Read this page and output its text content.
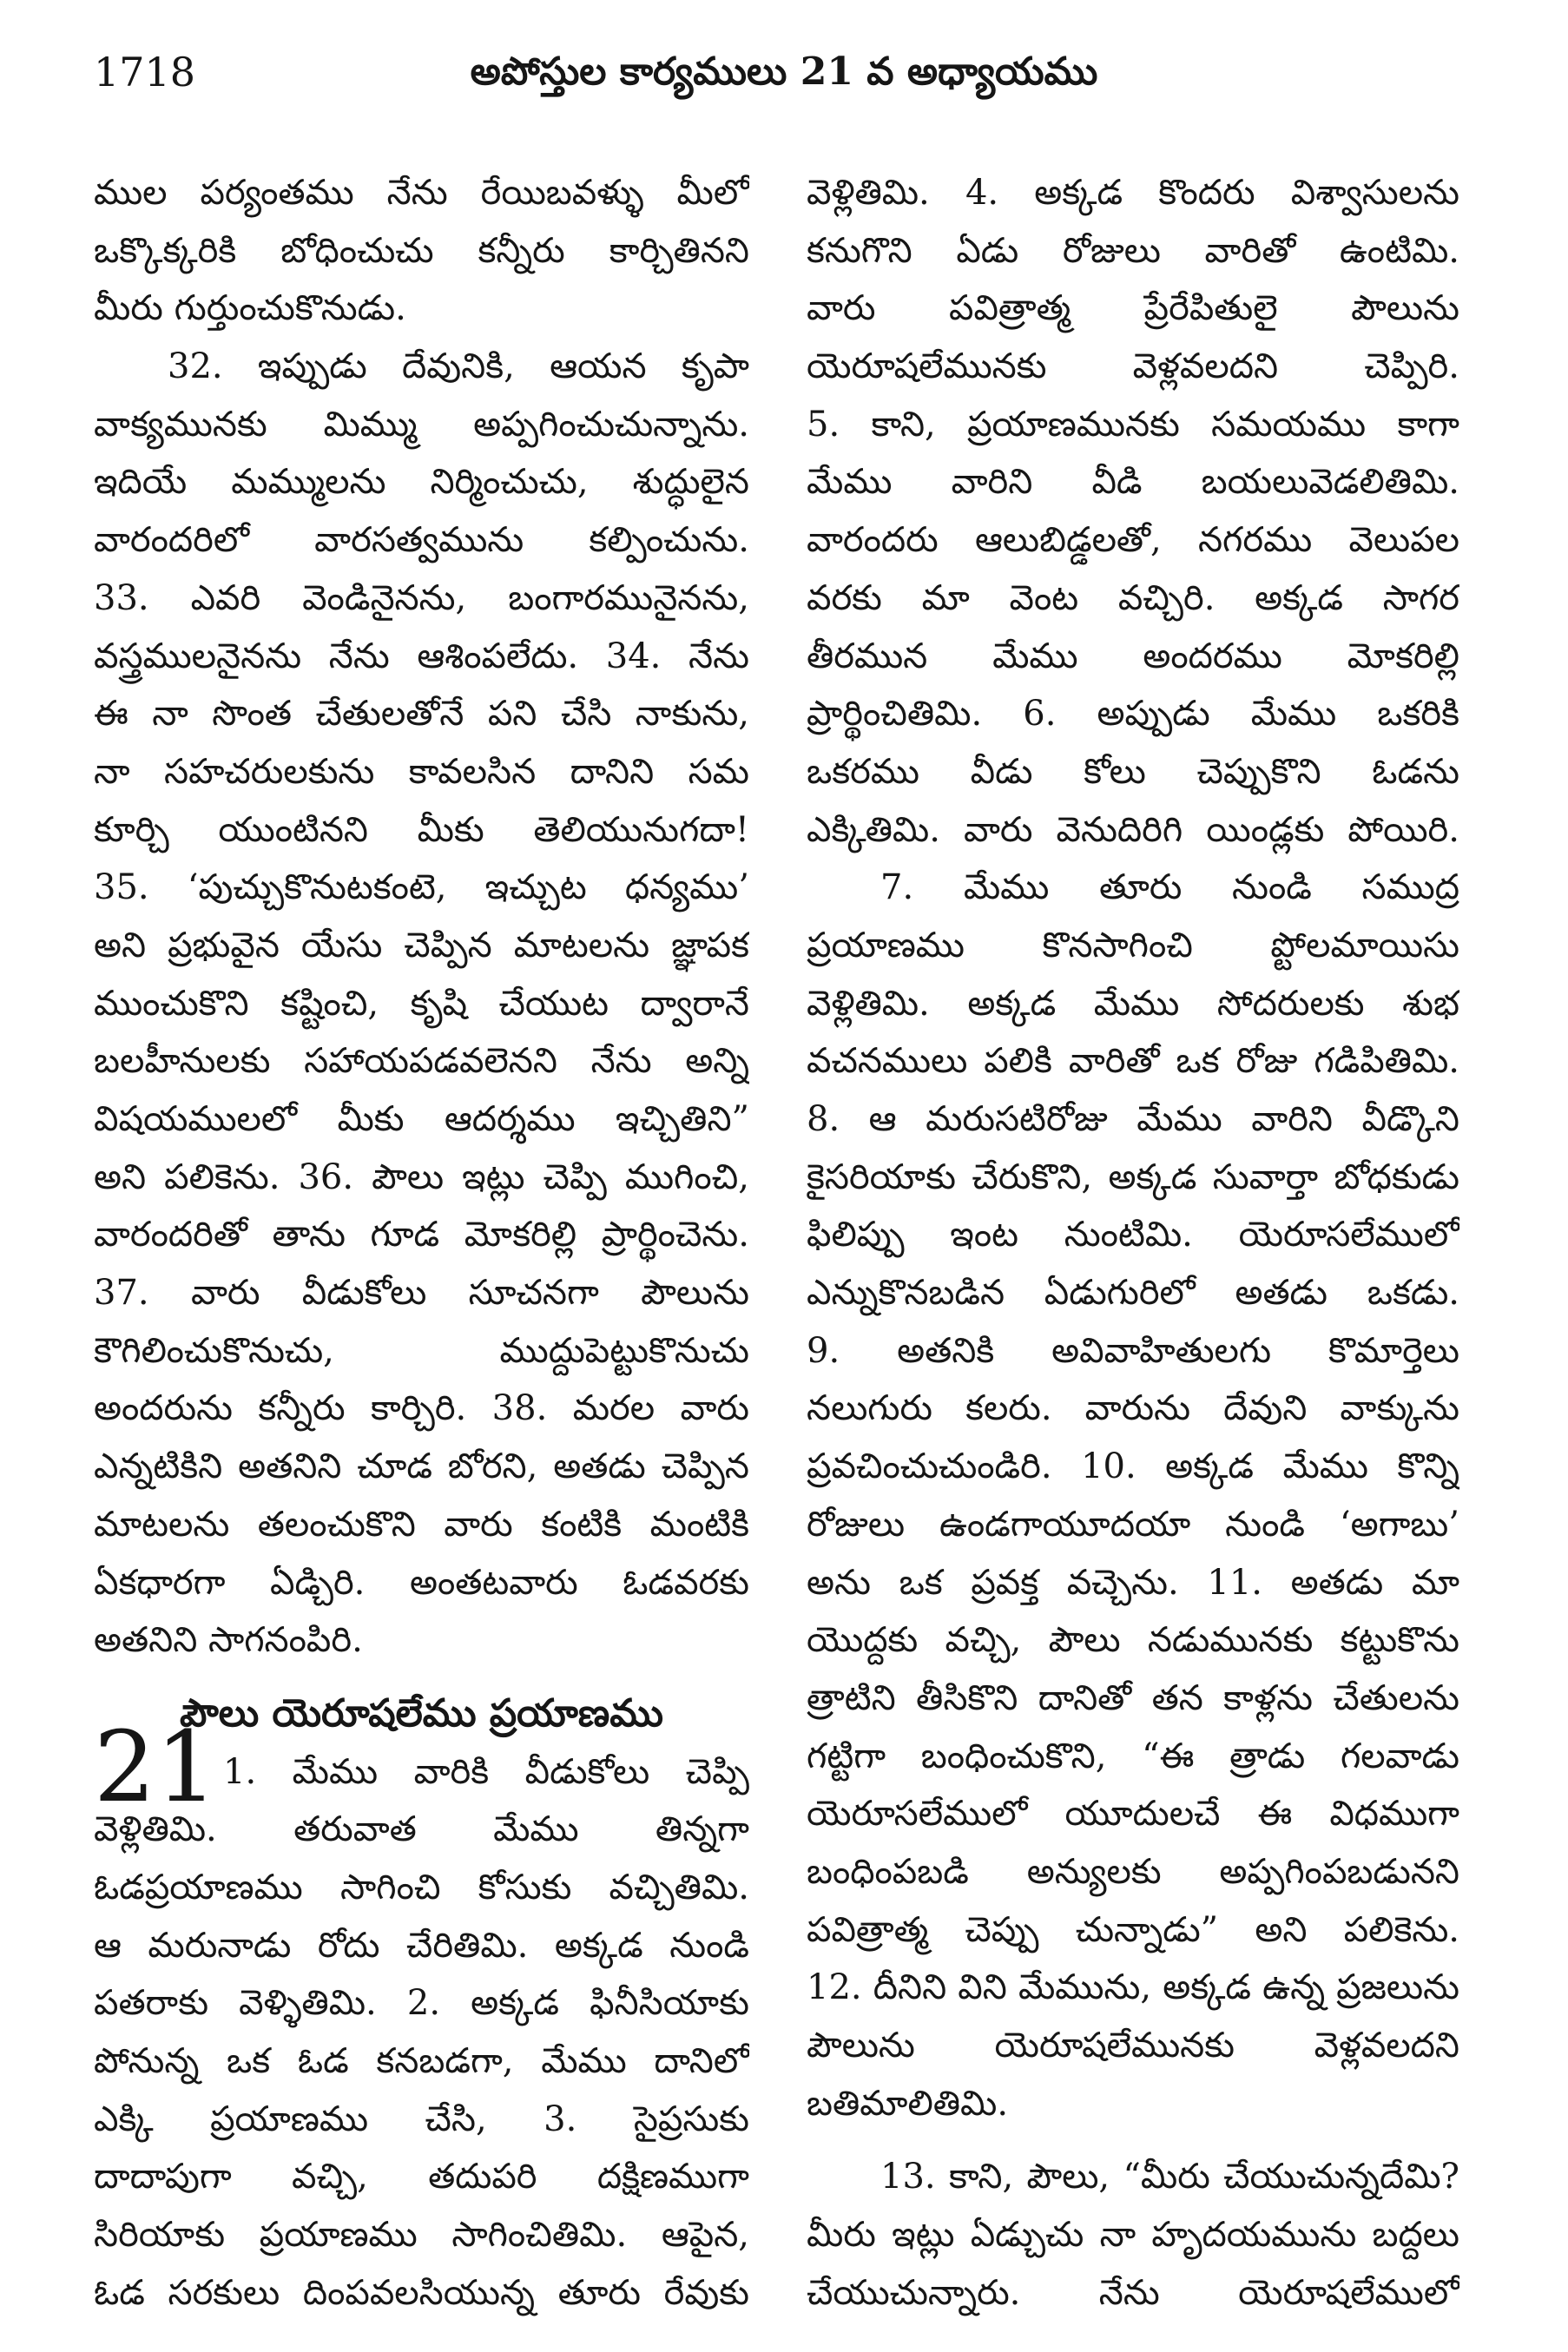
1718	అపోస్తుల కార్యములు 21 వ అధ్యాయము
ముల పర్యంతము నేను రేయిబవళ్ళు మీలో
ఒక్కొక్కరికి బోధించుచు కన్నీరు కార్చితినని
మీరు గుర్తుంచుకొనుడు.
32. ఇప్పుడు దేవునికి, ఆయన కృపా
వాక్యమునకు మిమ్ము అప్పగించుచున్నాను.
ఇదియే మమ్ములను నిర్మించుచు, శుద్ధులైన
వారందరిలో వారసత్వమును కల్పించును.
33. ఎవరి వెండినైనను, బంగారమునైనను,
వస్త్రములనైనను నేను ఆశింపలేదు. 34. నేను
ఈ నా సొంత చేతులతోనే పని చేసి నాకును,
నా సహచరులకును కావలసిన దానిని సమ
కూర్చి యుంటినని మీకు తెలియునుగదా!
35. ‘పుచ్చుకొనుటకంటె, ఇచ్చుట ధన్యము’
అని ప్రభువైన యేసు చెప్పిన మాటలను జ్ఞాపక
ముంచుకొని కష్టించి, కృషి చేయుట ద్వారానే
బలహీనులకు సహాయపడవలెనని నేను అన్ని
విషయములలో మీకు ఆదర్శము ఇచ్చితిని”
అని పలికెను. 36. పౌలు ఇట్లు చెప్పి ముగించి,
వారందరితో తాను గూడ మోకరిల్లి ప్రార్థించెను.
37. వారు వీడుకోలు సూచనగా పౌలును
కౌగిలించుకొనుచు, ముద్దుపెట్టుకొనుచు
అందరును కన్నీరు కార్చిరి. 38. మరల వారు
ఎన్నటికిని అతనిని చూడ బోరని, అతడు చెప్పిన
మాటలను తలంచుకొని వారు కంటికి మంటికి
ఏకధారగా ఏడ్చిరి. అంతటవారు ఓడవరకు
అతనిని సాగనంపిరి.
పౌలు యెరూషలేము ప్రయాణము
21 1. మేము వారికి వీడుకోలు చెప్పి
వెళ్లితిమి. తరువాత మేము తిన్నగా
ఓడప్రయాణము సాగించి కోసుకు వచ్చితిమి.
ఆ మరునాడు రోదు చేరితిమి. అక్కడ నుండి
పతరాకు వెళ్ళితిమి. 2. అక్కడ ఫినీసియాకు
పోనున్న ఒక ఓడ కనబడగా, మేము దానిలో
ఎక్కి ప్రయాణము చేసి, 3. సైప్రసుకు
దాదాపుగా వచ్చి, తదుపరి దక్షిణముగా
సిరియాకు ప్రయాణము సాగించితిమి. ఆపైన,
ఓడ సరకులు దింపవలసియున్న తూరు రేవుకు
వెళ్లితిమి. 4. అక్కడ కొందరు విశ్వాసులను
కనుగొని ఏడు రోజులు వారితో ఉంటిమి.
వారు పవిత్రాత్మ ప్రేరేపితులై పౌలును
యెరూషలేమునకు వెళ్లవలదని చెప్పిరి.
5. కాని, ప్రయాణమునకు సమయము కాగా
మేము వారిని వీడి బయలువెడలితిమి.
వారందరు ఆలుబిడ్డలతో, నగరము వెలుపల
వరకు మా వెంట వచ్చిరి. అక్కడ సాగర
తీరమున మేము అందరము మోకరిల్లి
ప్రార్థించితిమి. 6. అప్పుడు మేము ఒకరికి
ఒకరము వీడు కోలు చెప్పుకొని ఓడను
ఎక్కితిమి. వారు వెనుదిరిగి యిండ్లకు పోయిరి.
7. మేము తూరు నుండి సముద్ర
ప్రయాణము కొనసాగించి ప్టోలమాయిసు
వెళ్లితిమి. అక్కడ మేము సోదరులకు శుభ
వచనములు పలికి వారితో ఒక రోజు గడిపితిమి.
8. ఆ మరుసటిరోజు మేము వారిని వీడ్కొని
కైసరియాకు చేరుకొని, అక్కడ సువార్తా బోధకుడు
ఫిలిప్పు ఇంట నుంటిమి. యెరూసలేములో
ఎన్నుకొనబడిన ఏడుగురిలో అతడు ఒకడు.
9. అతనికి అవివాహితులగు కొమార్తెలు
నలుగురు కలరు. వారును దేవుని వాక్కును
ప్రవచించుచుండిరి. 10. అక్కడ మేము కొన్ని
రోజులు ఉండగాయూదయా నుండి ‘అగాబు’
అను ఒక ప్రవక్త వచ్చెను. 11. అతడు మా
యొద్దకు వచ్చి, పౌలు నడుమునకు కట్టుకొను
త్రాటిని తీసికొని దానితో తన కాళ్లను చేతులను
గట్టిగా బంధించుకొని, “ఈ త్రాడు గలవాడు
యెరూసలేములో యూదులచే ఈ విధముగా
బంధింపబడి అన్యులకు అప్పగింపబడునని
పవిత్రాత్మ చెప్పు చున్నాడు” అని పలికెను.
12. దీనిని విని మేమును, అక్కడ ఉన్న ప్రజలును
పౌలును యెరూషలేమునకు వెళ్లవలదని
బతిమాలితిమి.
13. కాని, పౌలు, “మీరు చేయుచున్నదేమి?
మీరు ఇట్లు ఏడ్చుచు నా హృదయమును బద్దలు
చేయుచున్నారు. నేను యెరూషలేములో
